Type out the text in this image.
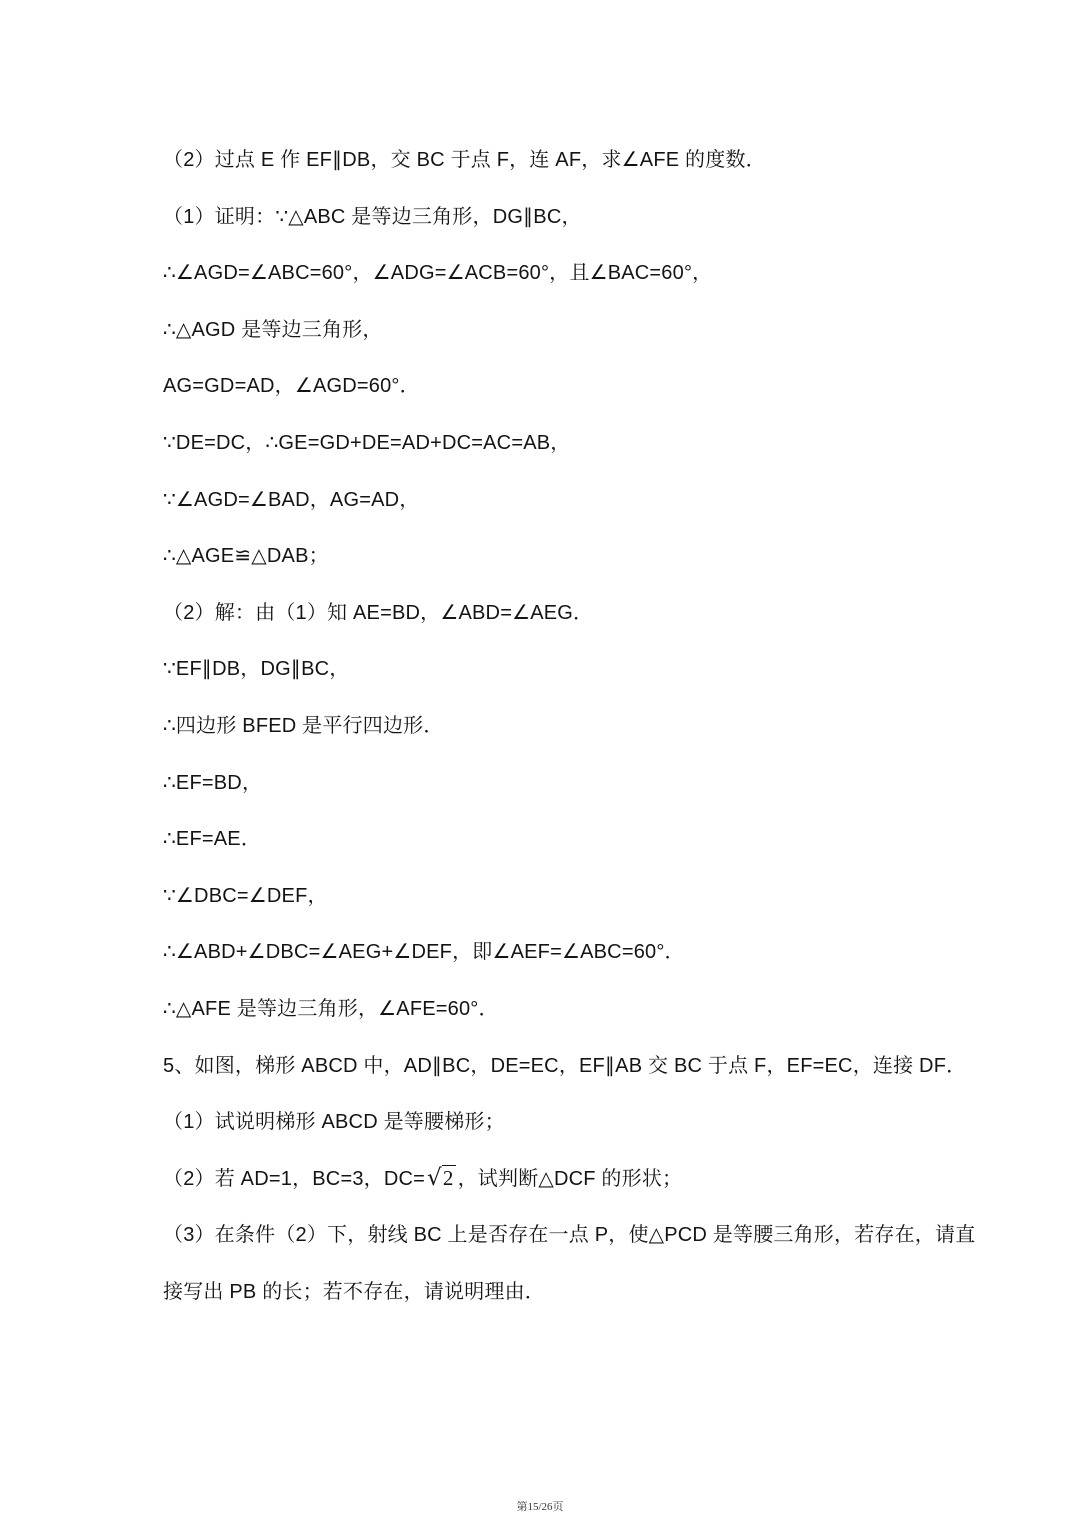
（2）过点 E 作 EF∥DB，交 BC 于点 F，连 AF，求∠AFE 的度数．
（1）证明：∵△ABC 是等边三角形，DG∥BC，
∴∠AGD=∠ABC=60°，∠ADG=∠ACB=60°，且∠BAC=60°，
∴△AGD 是等边三角形，
AG=GD=AD，∠AGD=60°．
∵DE=DC，∴GE=GD+DE=AD+DC=AC=AB，
∵∠AGD=∠BAD，AG=AD，
∴△AGE≌△DAB；
（2）解：由（1）知 AE=BD，∠ABD=∠AEG．
∵EF∥DB，DG∥BC，
∴四边形 BFED 是平行四边形．
∴EF=BD，
∴EF=AE．
∵∠DBC=∠DEF，
∴∠ABD+∠DBC=∠AEG+∠DEF，即∠AEF=∠ABC=60°．
∴△AFE 是等边三角形，∠AFE=60°．
5、如图，梯形 ABCD 中，AD∥BC，DE=EC，EF∥AB 交 BC 于点 F，EF=EC，连接 DF．
（1）试说明梯形 ABCD 是等腰梯形；
（2）若 AD=1，BC=3，DC=√2 ，试判断△DCF 的形状；
（3）在条件（2）下，射线 BC 上是否存在一点 P，使△PCD 是等腰三角形，若存在，请直
接写出 PB 的长；若不存在，请说明理由．
第15/26页
